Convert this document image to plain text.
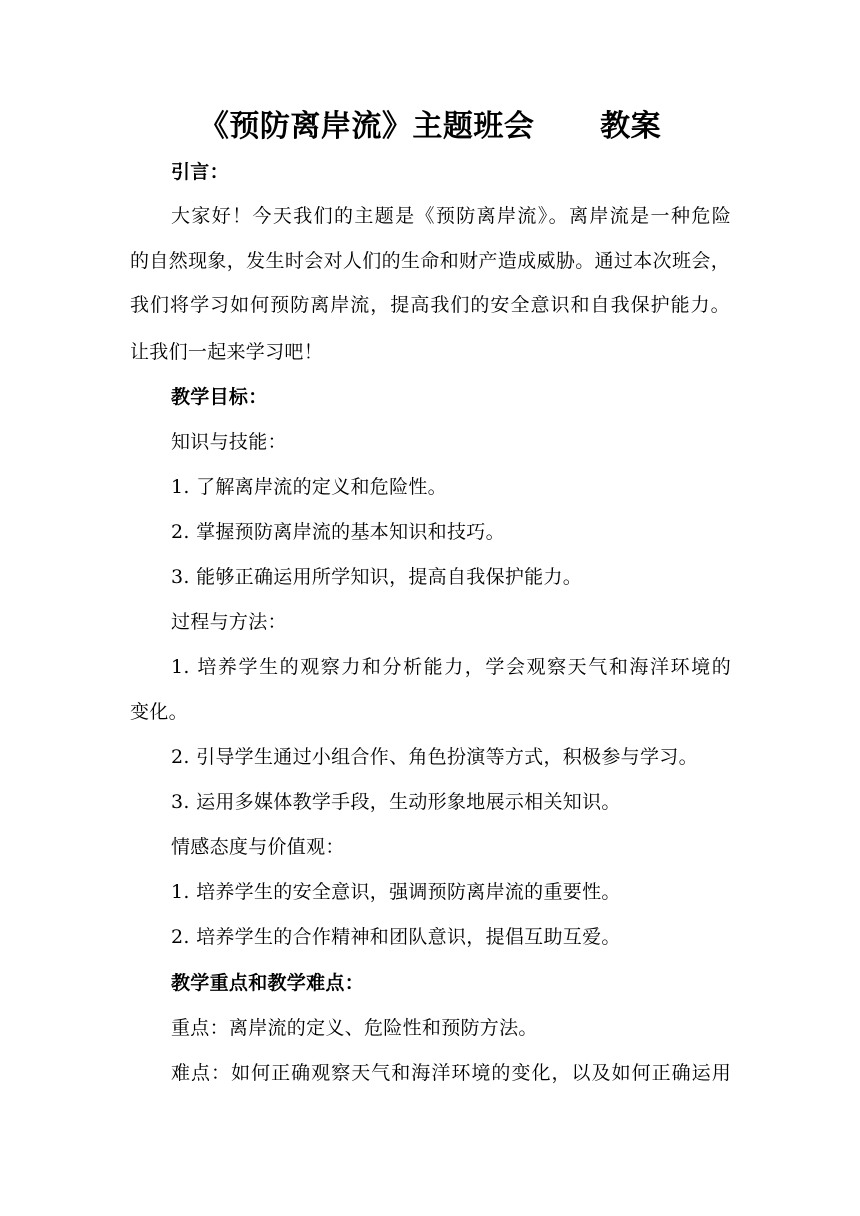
《预防离岸流》主题班会      教案
引言：
大家好！今天我们的主题是《预防离岸流》。离岸流是一种危险
的自然现象，发生时会对人们的生命和财产造成威胁。通过本次班会，
我们将学习如何预防离岸流，提高我们的安全意识和自我保护能力。
让我们一起来学习吧！
教学目标：
知识与技能：
1. 了解离岸流的定义和危险性。
2. 掌握预防离岸流的基本知识和技巧。
3. 能够正确运用所学知识，提高自我保护能力。
过程与方法：
1. 培养学生的观察力和分析能力，学会观察天气和海洋环境的
变化。
2. 引导学生通过小组合作、角色扮演等方式，积极参与学习。
3. 运用多媒体教学手段，生动形象地展示相关知识。
情感态度与价值观：
1. 培养学生的安全意识，强调预防离岸流的重要性。
2. 培养学生的合作精神和团队意识，提倡互助互爱。
教学重点和教学难点：
重点：离岸流的定义、危险性和预防方法。
难点：如何正确观察天气和海洋环境的变化，以及如何正确运用
